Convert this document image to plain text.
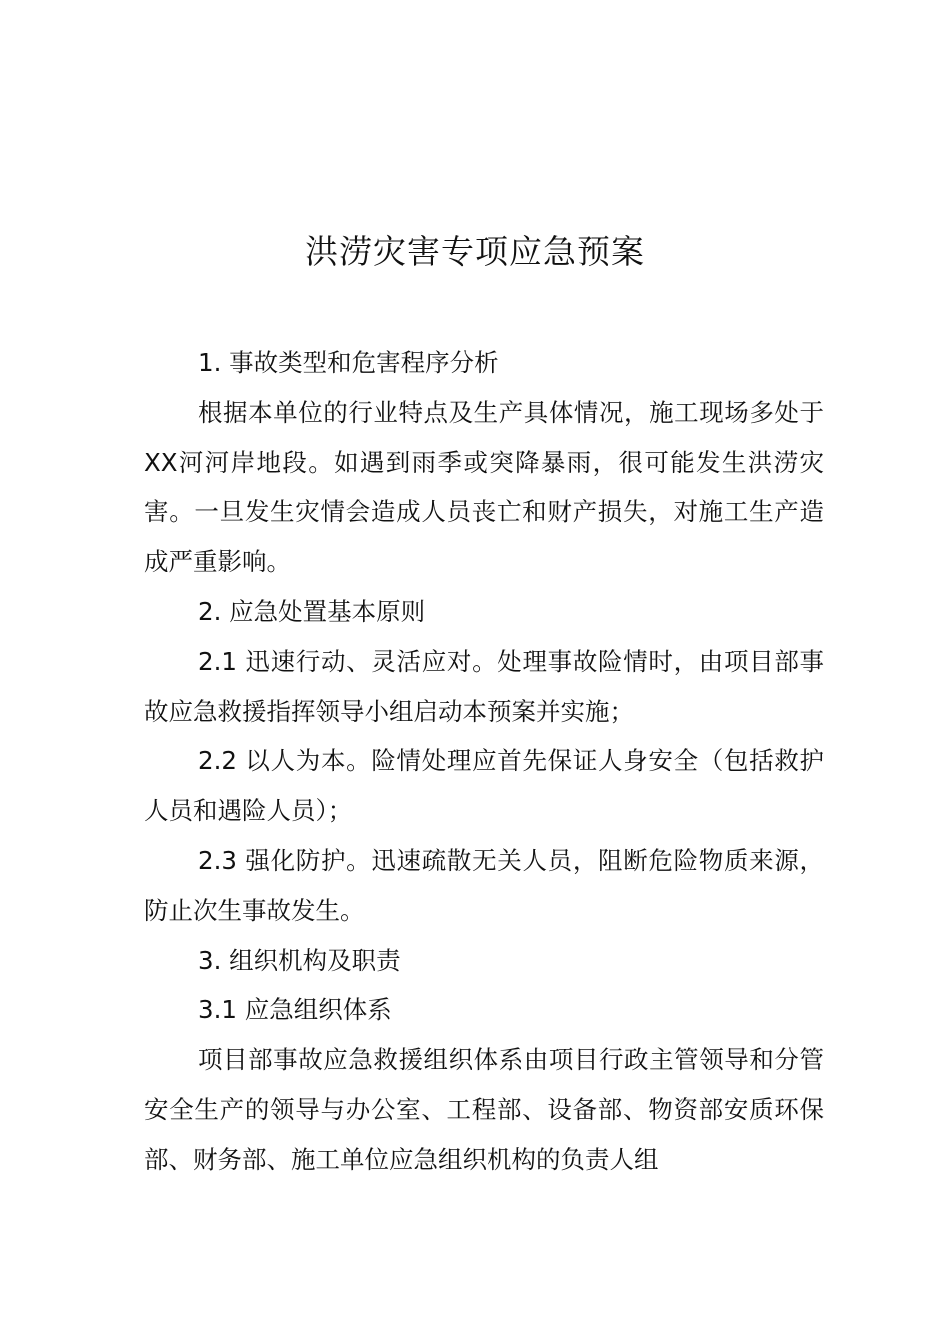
洪涝灾害专项应急预案

1. 事故类型和危害程序分析

根据本单位的行业特点及生产具体情况，施工现场多处于XX河河岸地段。如遇到雨季或突降暴雨，很可能发生洪涝灾害。一旦发生灾情会造成人员丧亡和财产损失，对施工生产造成严重影响。

2. 应急处置基本原则

2.1 迅速行动、灵活应对。处理事故险情时，由项目部事故应急救援指挥领导小组启动本预案并实施；

2.2 以人为本。险情处理应首先保证人身安全（包括救护人员和遇险人员）；

2.3 强化防护。迅速疏散无关人员，阻断危险物质来源，防止次生事故发生。

3. 组织机构及职责

3.1 应急组织体系

项目部事故应急救援组织体系由项目行政主管领导和分管安全生产的领导与办公室、工程部、设备部、物资部安质环保部、财务部、施工单位应急组织机构的负责人组
